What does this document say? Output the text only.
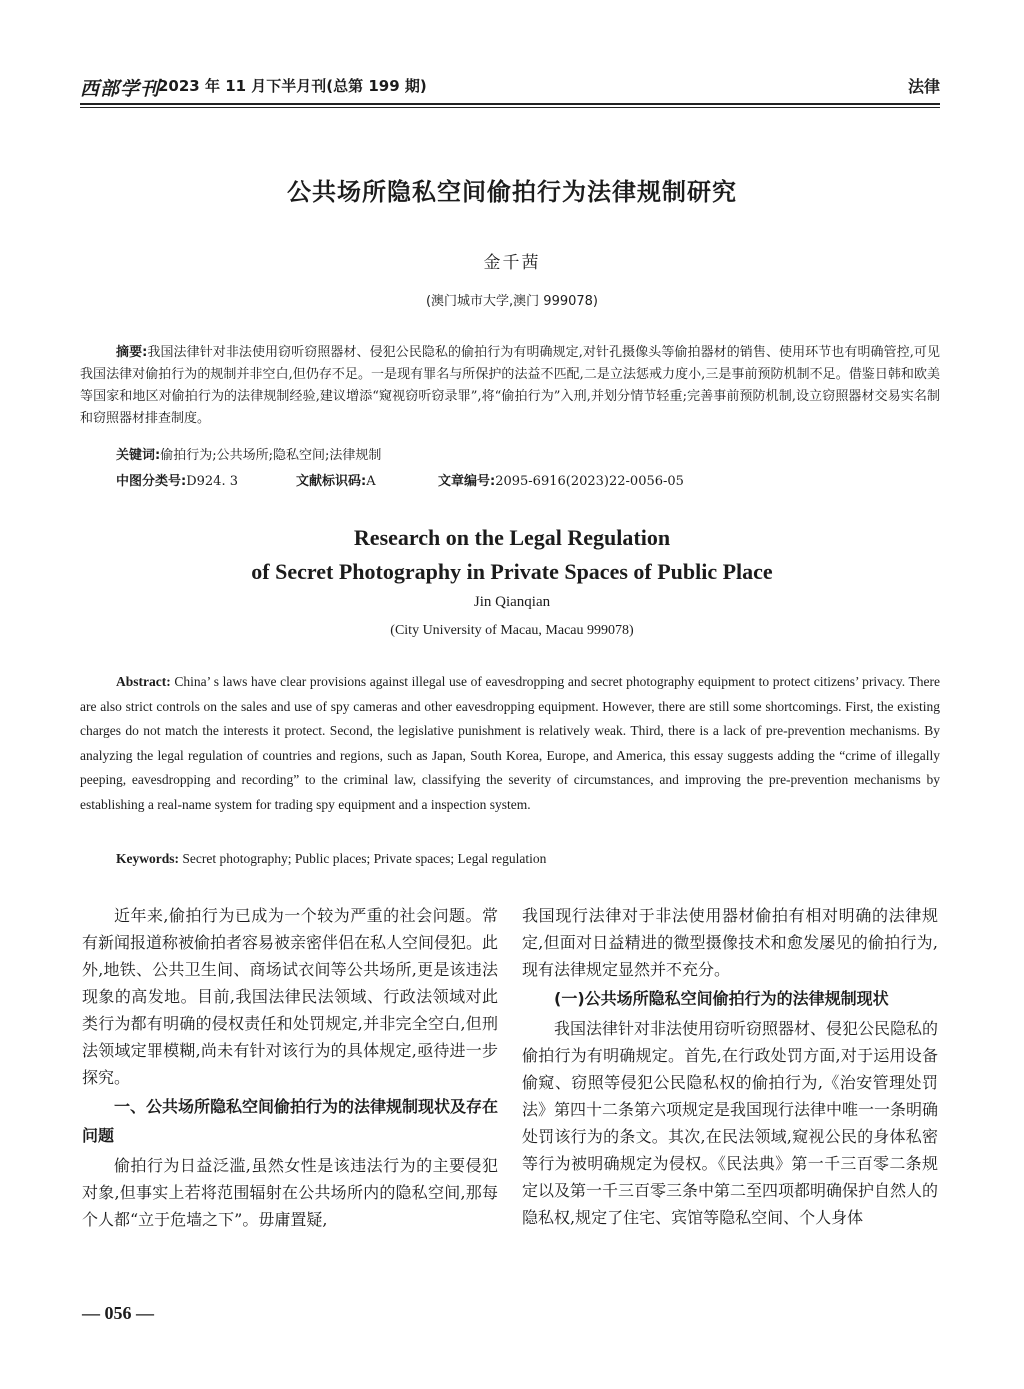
西部学刊
2023 年 11 月下半月刊(总第 199 期)	法律
公共场所隐私空间偷拍行为法律规制研究
金千茜
(澳门城市大学,澳门 999078)

摘要:我国法律针对非法使用窃听窃照器材、侵犯公民隐私的偷拍行为有明确规定,对针孔摄像头等偷拍器材的销售、使用环节也有明确管控,可见我国法律对偷拍行为的规制并非空白,但仍存不足。一是现有罪名与所保护的法益不匹配,二是立法惩戒力度小,三是事前预防机制不足。借鉴日韩和欧美等国家和地区对偷拍行为的法律规制经验,建议增添“窥视窃听窃录罪”,将“偷拍行为”入刑,并划分情节轻重;完善事前预防机制,设立窃照器材交易实名制和窃照器材排查制度。

关键词:偷拍行为;公共场所;隐私空间;法律规制
中图分类号:D924. 3	文献标识码:A	文章编号:2095-6916(2023)22-0056-05
Research on the Legal Regulation
of Secret Photography in Private Spaces of Public Place
Jin Qianqian
(City University of Macau, Macau 999078)

Abstract: China’ s laws have clear provisions against illegal use of eavesdropping and secret photography equipment to protect citizens’ privacy. There are also strict controls on the sales and use of spy cameras and other eavesdropping equipment. However, there are still some shortcomings. First, the existing charges do not match the interests it protect. Second, the legislative punishment is relatively weak. Third, there is a lack of pre-prevention mechanisms. By analyzing the legal regulation of countries and regions, such as Japan, South Korea, Europe, and America, this essay suggests adding the “crime of illegally peeping, eavesdropping and recording” to the criminal law, classifying the severity of circumstances, and improving the pre-prevention mechanisms by establishing a real-name system for trading spy equipment and a inspection system.

Keywords: Secret photography; Public places; Private spaces; Legal regulation

近年来,偷拍行为已成为一个较为严重的社会问题。常有新闻报道称被偷拍者容易被亲密伴侣在私人空间侵犯。此外,地铁、公共卫生间、商场试衣间等公共场所,更是该违法现象的高发地。目前,我国法律民法领域、行政法领域对此类行为都有明确的侵权责任和处罚规定,并非完全空白,但刑法领域定罪模糊,尚未有针对该行为的具体规定,亟待进一步探究。

一、公共场所隐私空间偷拍行为的法律规制现状及存在问题

偷拍行为日益泛滥,虽然女性是该违法行为的主要侵犯对象,但事实上若将范围辐射在公共场所内的隐私空间,那每个人都“立于危墙之下”。毋庸置疑,

我国现行法律对于非法使用器材偷拍有相对明确的法律规定,但面对日益精进的微型摄像技术和愈发屡见的偷拍行为,现有法律规定显然并不充分。

(一)公共场所隐私空间偷拍行为的法律规制现状

我国法律针对非法使用窃听窃照器材、侵犯公民隐私的偷拍行为有明确规定。首先,在行政处罚方面,对于运用设备偷窥、窃照等侵犯公民隐私权的偷拍行为,《治安管理处罚法》第四十二条第六项规定是我国现行法律中唯一一条明确处罚该行为的条文。其次,在民法领域,窥视公民的身体私密等行为被明确规定为侵权。《民法典》第一千三百零二条规定以及第一千三百零三条中第二至四项都明确保护自然人的隐私权,规定了住宅、宾馆等隐私空间、个人身体

— 056 —
